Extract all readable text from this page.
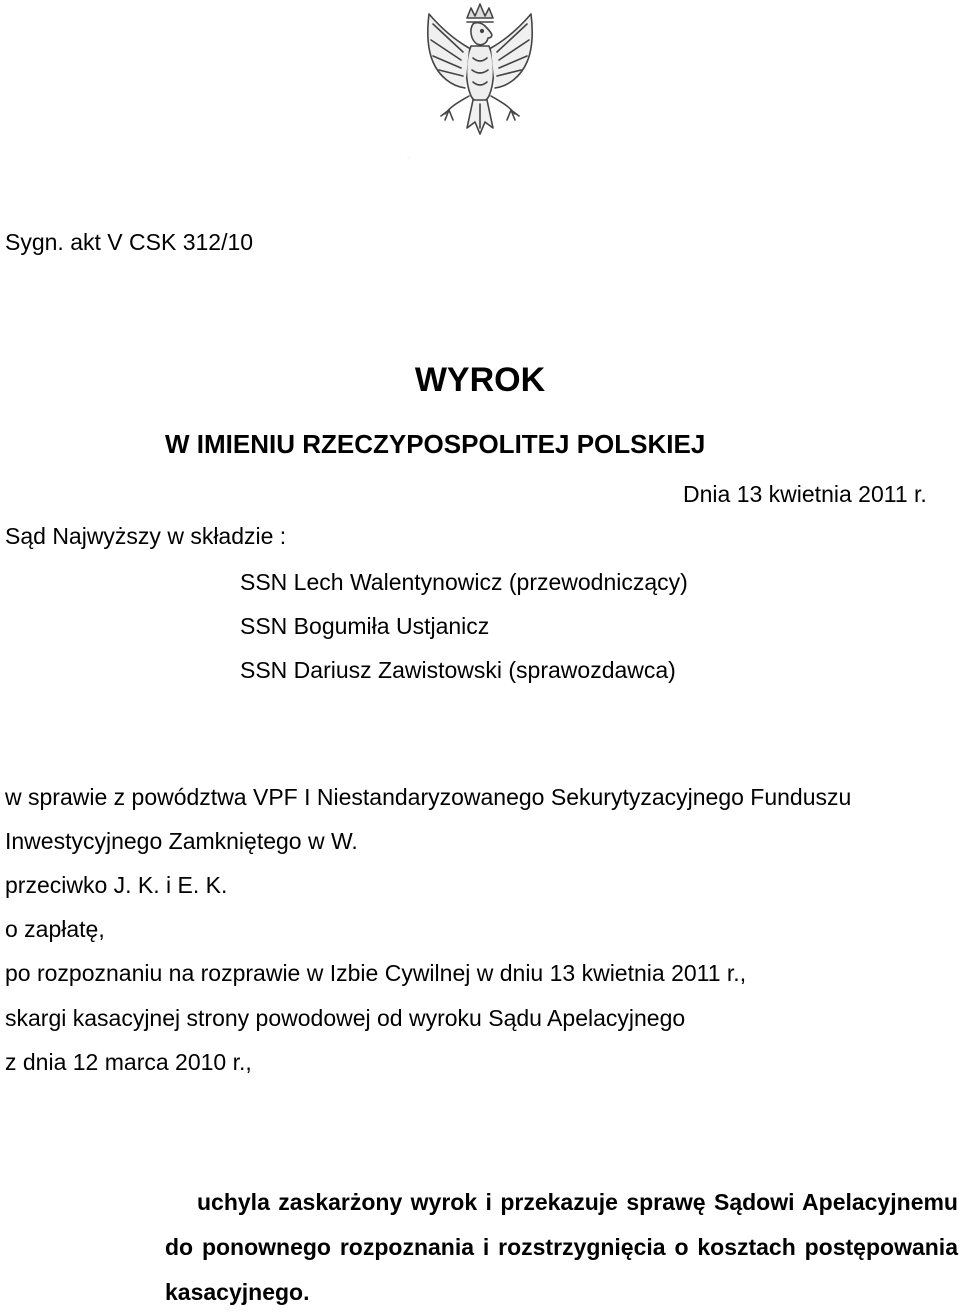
·

Sygn. akt V CSK 312/10

WYROK
W IMIENIU RZECZYPOSPOLITEJ POLSKIEJ

Dnia 13 kwietnia 2011 r.

Sąd Najwyższy w składzie :

SSN Lech Walentynowicz (przewodniczący)

SSN Bogumiła Ustjanicz

SSN Dariusz Zawistowski (sprawozdawca)

w sprawie z powództwa VPF I Niestandaryzowanego Sekurytyzacyjnego Funduszu

Inwestycyjnego Zamkniętego w W.

przeciwko J. K. i E. K.

o zapłatę,

po rozpoznaniu na rozprawie w Izbie Cywilnej w dniu 13 kwietnia 2011 r.,

skargi kasacyjnej strony powodowej od wyroku Sądu Apelacyjnego

z dnia 12 marca 2010 r.,

uchyla zaskarżony wyrok i przekazuje sprawę Sądowi Apelacyjnemu do ponownego rozpoznania i rozstrzygnięcia o kosztach postępowania kasacyjnego.
